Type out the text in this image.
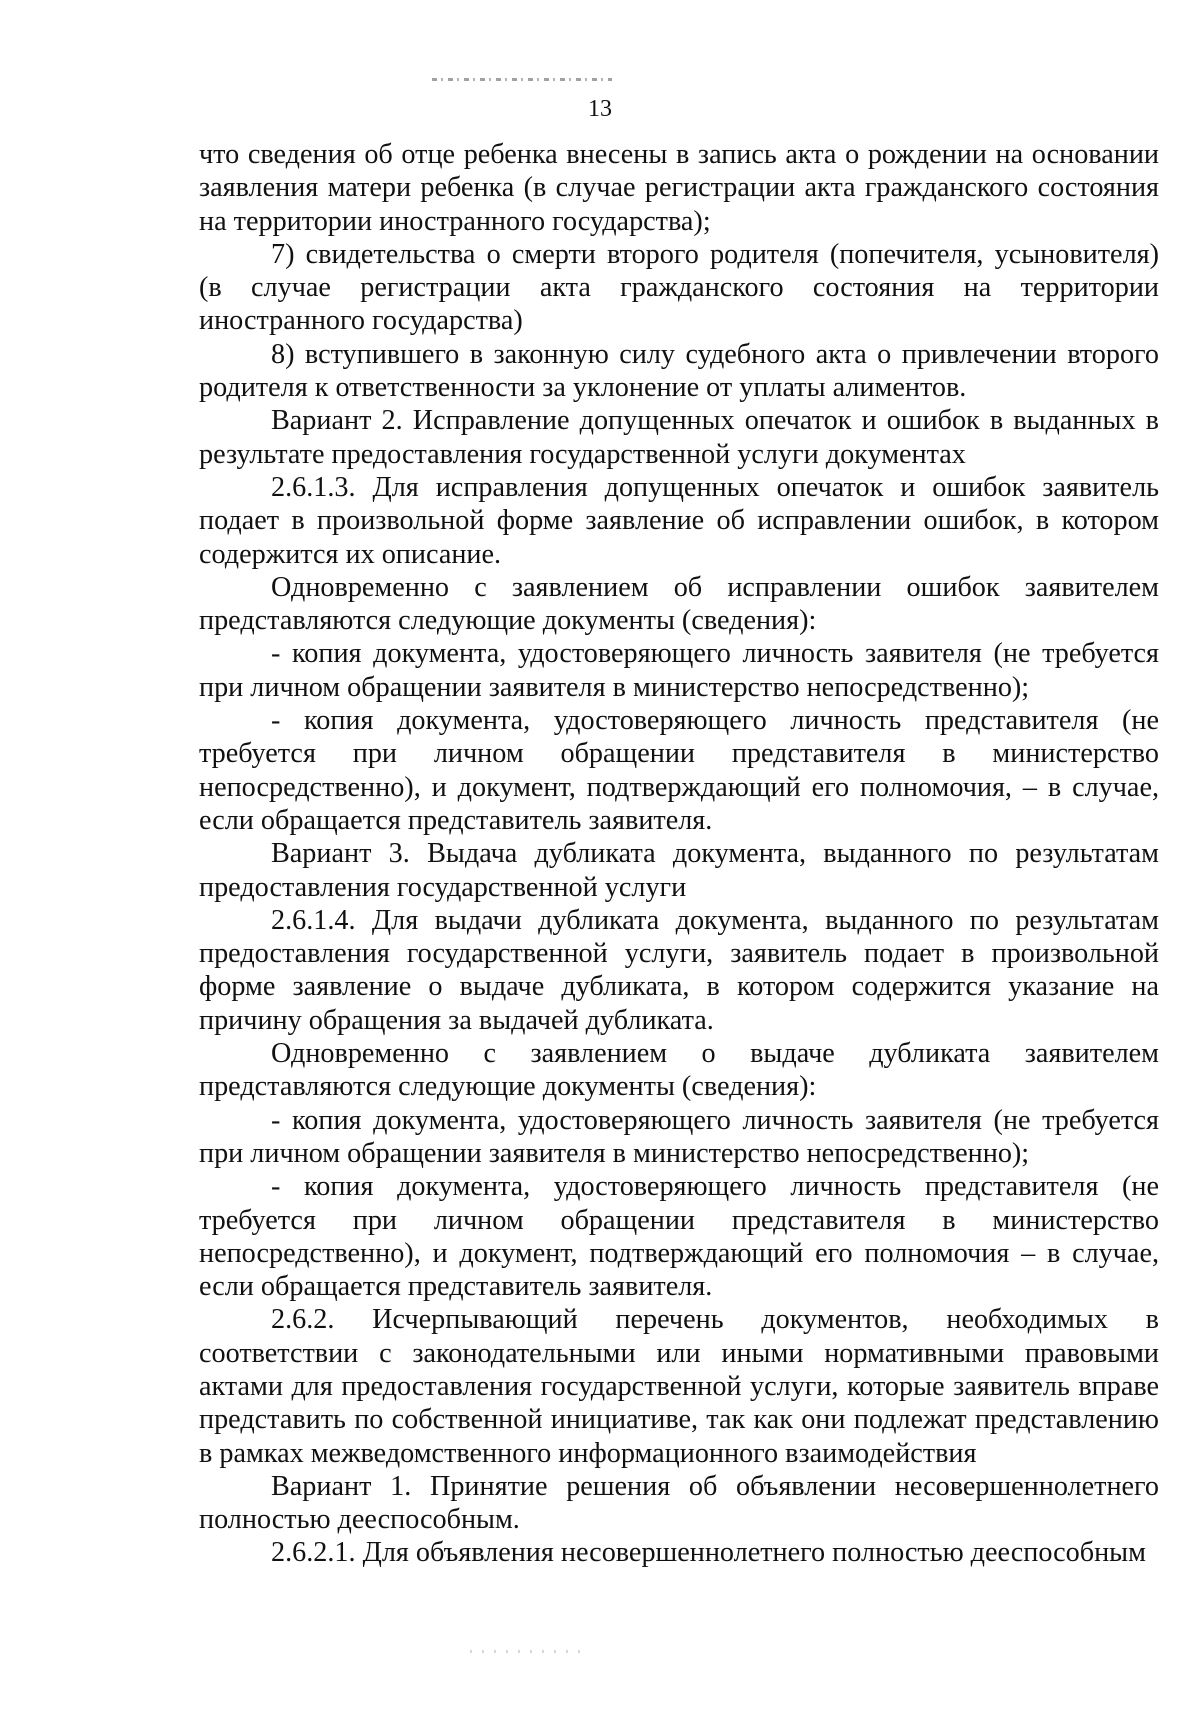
13

что сведения об отце ребенка внесены в запись акта о рождении на основании заявления матери ребенка (в случае регистрации акта гражданского состояния на территории иностранного государства);

7) свидетельства о смерти второго родителя (попечителя, усыновителя) (в случае регистрации акта гражданского состояния на территории иностранного государства)

8) вступившего в законную силу судебного акта о привлечении второго родителя к ответственности за уклонение от уплаты алиментов.

Вариант 2. Исправление допущенных опечаток и ошибок в выданных в результате предоставления государственной услуги документах

2.6.1.3. Для исправления допущенных опечаток и ошибок заявитель подает в произвольной форме заявление об исправлении ошибок, в котором содержится их описание.

Одновременно с заявлением об исправлении ошибок заявителем представляются следующие документы (сведения):

- копия документа, удостоверяющего личность заявителя (не требуется при личном обращении заявителя в министерство непосредственно);

- копия документа, удостоверяющего личность представителя (не требуется при личном обращении представителя в министерство непосредственно), и документ, подтверждающий его полномочия, – в случае, если обращается представитель заявителя.

Вариант 3. Выдача дубликата документа, выданного по результатам предоставления государственной услуги

2.6.1.4. Для выдачи дубликата документа, выданного по результатам предоставления государственной услуги, заявитель подает в произвольной форме заявление о выдаче дубликата, в котором содержится указание на причину обращения за выдачей дубликата.

Одновременно с заявлением о выдаче дубликата заявителем представляются следующие документы (сведения):

- копия документа, удостоверяющего личность заявителя (не требуется при личном обращении заявителя в министерство непосредственно);

- копия документа, удостоверяющего личность представителя (не требуется при личном обращении представителя в министерство непосредственно), и документ, подтверждающий его полномочия – в случае, если обращается представитель заявителя.

2.6.2. Исчерпывающий перечень документов, необходимых в соответствии с законодательными или иными нормативными правовыми актами для предоставления государственной услуги, которые заявитель вправе представить по собственной инициативе, так как они подлежат представлению в рамках межведомственного информационного взаимодействия

Вариант 1. Принятие решения об объявлении несовершеннолетнего полностью дееспособным.

2.6.2.1. Для объявления несовершеннолетнего полностью дееспособным
